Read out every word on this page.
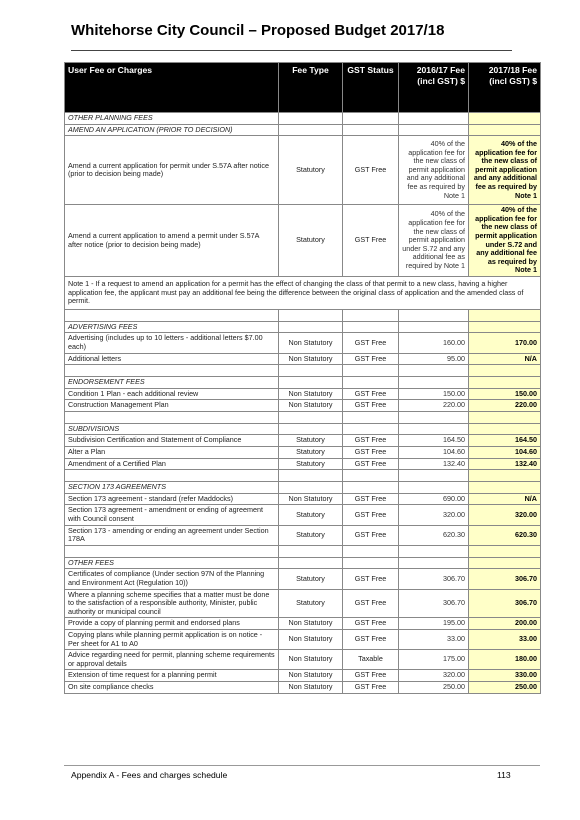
Whitehorse City Council – Proposed Budget 2017/18
User Fee or Charges	Fee Type	GST Status	2016/17 Fee (incl GST) $	2017/18 Fee (incl GST) $
OTHER PLANNING FEES				
AMEND AN APPLICATION (PRIOR TO DECISION)				
Amend a current application for permit under S.57A after notice (prior to decision being made)	Statutory	GST Free	40% of the application fee for the new class of permit application and any additional fee as required by Note 1	40% of the application fee for the new class of permit application and any additional fee as required by Note 1
Amend a current application to amend a permit under S.57A after notice (prior to decision being made)	Statutory	GST Free	40% of the application fee for the new class of permit application under S.72 and any additional fee as required by Note 1	40% of the application fee for the new class of permit application under S.72 and any additional fee as required by Note 1
Note 1 - If a request to amend an application for a permit has the effect of changing the class of that permit to a new class, having a higher application fee, the applicant must pay an additional fee being the difference between the original class of application and the amended class of permit.				

ADVERTISING FEES				
Advertising (includes up to 10 letters - additional letters $7.00 each)	Non Statutory	GST Free	160.00	170.00
Additional letters	Non Statutory	GST Free	95.00	N/A

ENDORSEMENT FEES				
Condition 1 Plan - each additional review	Non Statutory	GST Free	150.00	150.00
Construction Management Plan	Non Statutory	GST Free	220.00	220.00

SUBDIVISIONS				
Subdivision Certification and Statement of Compliance	Statutory	GST Free	164.50	164.50
Alter a Plan	Statutory	GST Free	104.60	104.60
Amendment of a Certified Plan	Statutory	GST Free	132.40	132.40

SECTION 173 AGREEMENTS				
Section 173 agreement - standard (refer Maddocks)	Non Statutory	GST Free	690.00	N/A
Section 173 agreement - amendment or ending of agreement with Council consent	Statutory	GST Free	320.00	320.00
Section 173 - amending or ending an agreement under Section 178A	Statutory	GST Free	620.30	620.30

OTHER FEES				
Certificates of compliance (Under section 97N of the Planning and Environment Act (Regulation 10))	Statutory	GST Free	306.70	306.70
Where a planning scheme specifies that a matter must be done to the satisfaction of a responsible authority, Minister, public authority or municipal council	Statutory	GST Free	306.70	306.70
Provide a copy of planning permit and endorsed plans	Non Statutory	GST Free	195.00	200.00
Copying plans while planning permit application is on notice - Per sheet for A1 to A0	Non Statutory	GST Free	33.00	33.00
Advice regarding need for permit, planning scheme requirements or approval details	Non Statutory	Taxable	175.00	180.00
Extension of time request for a planning permit	Non Statutory	GST Free	320.00	330.00
On site compliance checks	Non Statutory	GST Free	250.00	250.00
Appendix A - Fees and charges schedule	113
